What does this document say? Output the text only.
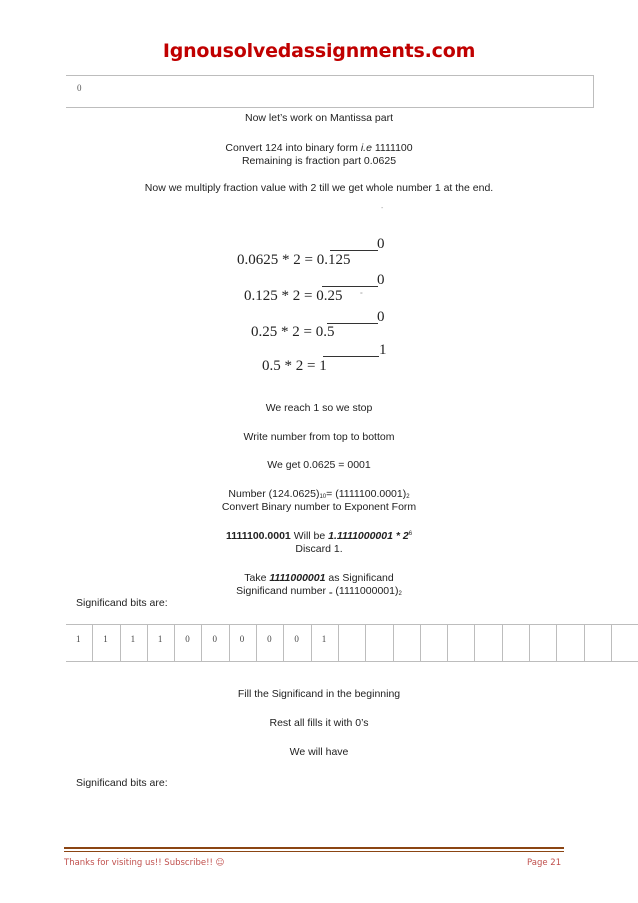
Ignousolvedassignments.com
0
Now let’s work on Mantissa part
Convert 124 into binary form i.e 1111100
Remaining is fraction part 0.0625
Now we multiply fraction value with 2 till we get whole number 1 at the end.
-
0
0.0625 * 2 = 0.125
0
0.125 * 2 = 0.25	°
0
0.25 * 2 = 0.5
1
0.5 * 2 = 1
We reach 1 so we stop
Write number from top to bottom
We get 0.0625 = 0001
Number (124.0625)10= (1111100.0001)2
Convert Binary number to Exponent Form
1111100.0001 Will be $1.1111000001 * 2^6$
Discard 1.
Take 1111000001 as Significand
Significand number = (1111000001)2
Significand bits are:
1	1	1	1	0	0	0	0	0	1
Fill the Significand in the beginning
Rest all fills it with 0’s
We will have
Significand bits are:
Thanks for visiting us!! Subscribe!! ☺	Page 21
